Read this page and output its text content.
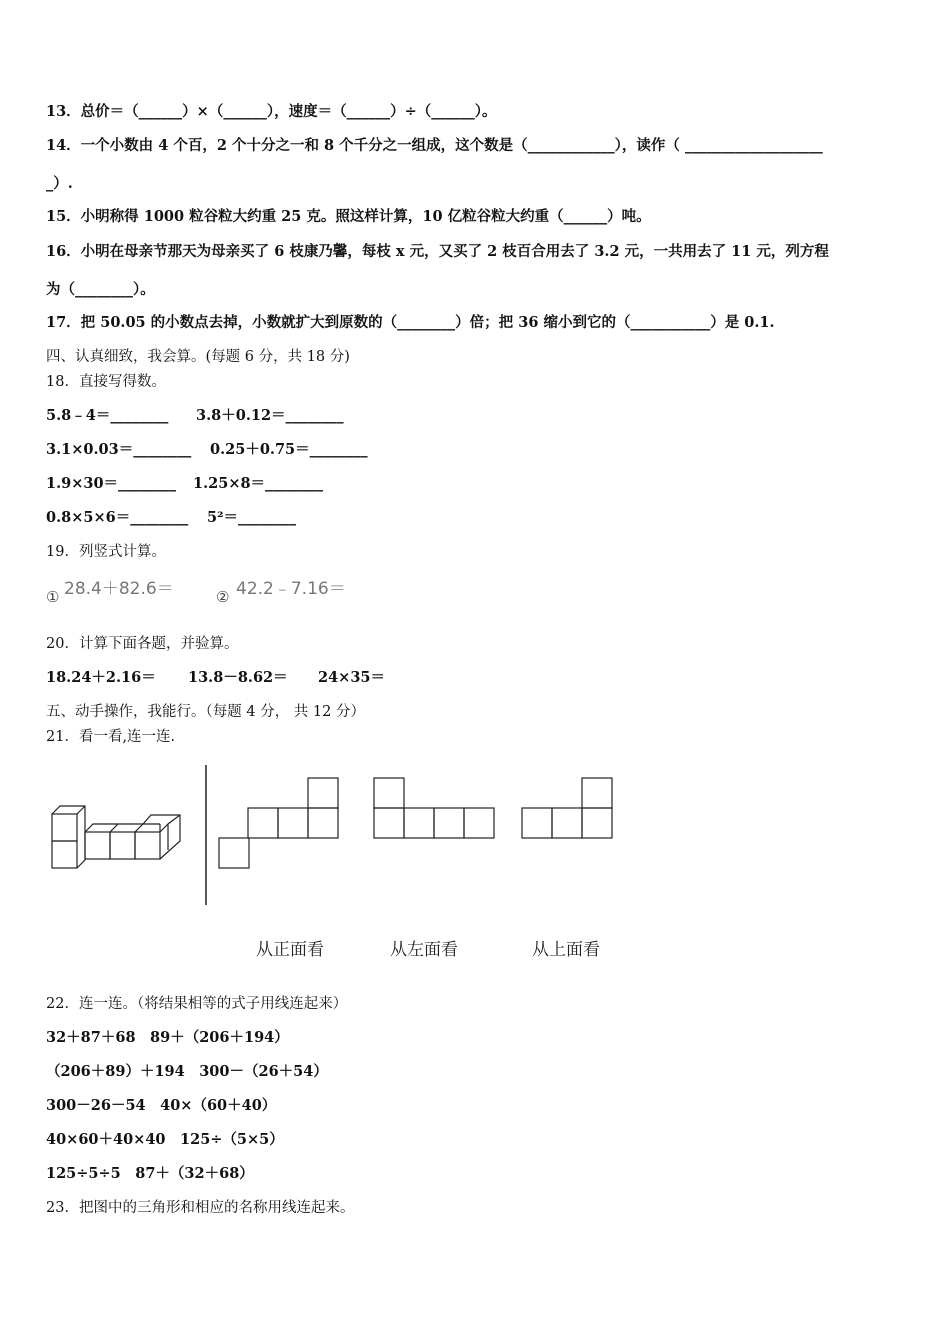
13．总价＝（______）×（______），速度＝（______）÷（______）。
14．一个小数由 4 个百，2 个十分之一和 8 个千分之一组成，这个数是（____________），读作（ ___________________
_）.
15．小明称得 1000 粒谷粒大约重 25 克。照这样计算，10 亿粒谷粒大约重（______）吨。
16．小明在母亲节那天为母亲买了 6 枝康乃馨，每枝 x 元，又买了 2 枝百合用去了 3.2 元，一共用去了 11 元，列方程
为（________）。
17．把 50.05 的小数点去掉，小数就扩大到原数的（________）倍；把 36 缩小到它的（___________）是 0.1.
四、认真细致，我会算。(每题 6 分，共 18 分)
18．直接写得数。
5.8﹣4＝________ 3.8＋0.12＝________
3.1×0.03＝________ 0.25＋0.75＝________
1.9×30＝________ 1.25×8＝________
0.8×5×6＝________ 5²＝________
19．列竖式计算。
① 28.4＋82.6＝	② 42.2﹣7.16＝
20．计算下面各题，并验算。
18.24＋2.16＝ 13.8－8.62＝ 24×35＝
五、动手操作，我能行。（每题 4 分， 共 12 分）
21．看一看,连一连.
从正面看	从左面看	从上面看
22．连一连。（将结果相等的式子用线连起来）
32＋87＋68　89＋（206＋194）
（206＋89）＋194　300－（26＋54）
300－26－54　40×（60＋40）
40×60＋40×40　125÷（5×5）
125÷5÷5　87＋（32＋68）
23．把图中的三角形和相应的名称用线连起来。
